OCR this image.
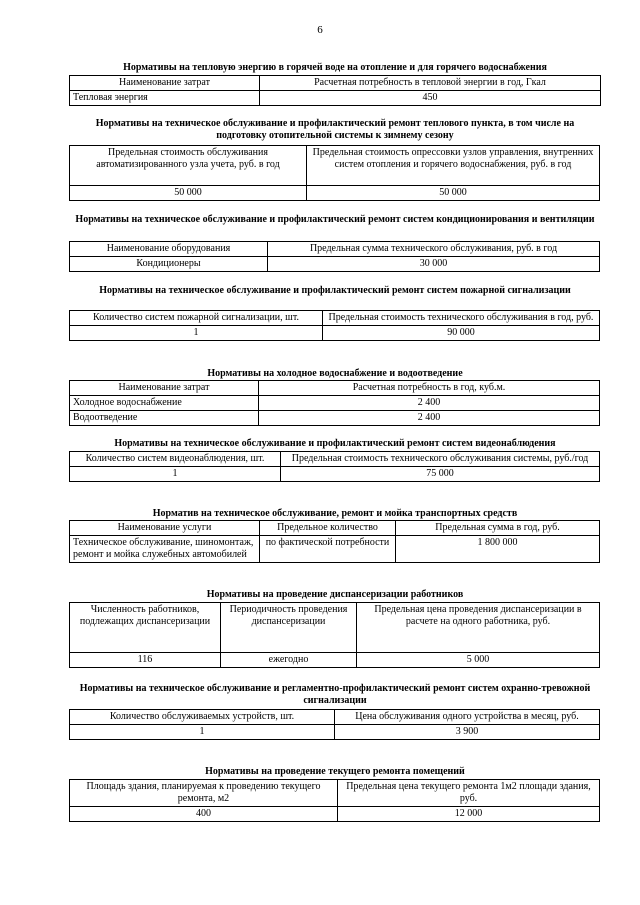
6
Нормативы на тепловую энергию в горячей воде на отопление и для горячего водоснабжения
Наименование затрат	Расчетная потребность в тепловой энергии в год, Гкал
Тепловая энергия	450
Нормативы на техническое обслуживание и профилактический ремонт теплового пункта, в том числе на подготовку отопительной системы к зимнему сезону
Предельная стоимость обслуживания автоматизированного узла учета, руб. в год	Предельная стоимость опрессовки узлов управления, внутренних систем отопления и горячего водоснабжения, руб. в год
50 000	50 000
Нормативы на техническое обслуживание и профилактический ремонт систем кондиционирования и вентиляции
Наименование оборудования	Предельная сумма технического обслуживания, руб. в год
Кондиционеры	30 000
Нормативы на техническое обслуживание и профилактический ремонт систем пожарной сигнализации
Количество систем пожарной сигнализации, шт.	Предельная стоимость технического обслуживания в год, руб.
1	90 000
Нормативы на холодное водоснабжение и водоотведение
Наименование затрат	Расчетная потребность в год, куб.м.
Холодное водоснабжение	2 400
Водоотведение	2 400
Нормативы на техническое обслуживание и профилактический ремонт систем видеонаблюдения
Количество систем видеонаблюдения, шт.	Предельная стоимость технического обслуживания системы, руб./год
1	75 000
Норматив на техническое обслуживание, ремонт и мойка транспортных средств
Наименование услуги	Предельное количество	Предельная сумма в год, руб.
Техническое обслуживание, шиномонтаж, ремонт и мойка служебных автомобилей	по фактической потребности	1 800 000
Нормативы на проведение диспансеризации работников
Численность работников, подлежащих диспансеризации	Периодичность проведения диспансеризации	Предельная цена проведения диспансеризации в расчете на одного работника, руб.
116	ежегодно	5 000
Нормативы на техническое обслуживание и регламентно-профилактический ремонт систем охранно-тревожной сигнализации
Количество обслуживаемых устройств, шт.	Цена обслуживания одного устройства в месяц, руб.
1	3 900
Нормативы на проведение текущего ремонта помещений
Площадь здания, планируемая к проведению текущего ремонта, м2	Предельная цена текущего ремонта 1м2 площади здания, руб.
400	12 000
